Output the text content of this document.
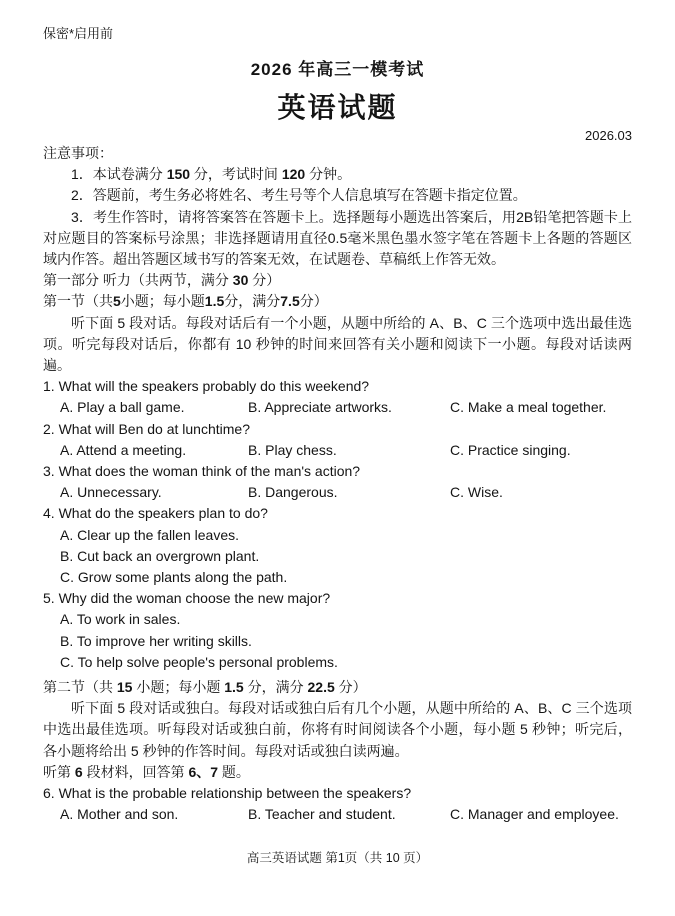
保密*启用前
2026 年高三一模考试
英语试题
2026.03
注意事项：
1．本试卷满分 150 分，考试时间 120 分钟。
2．答题前，考生务必将姓名、考生号等个人信息填写在答题卡指定位置。
3．考生作答时，请将答案答在答题卡上。选择题每小题选出答案后，用2B铅笔把答题卡上对应题目的答案标号涂黑；非选择题请用直径0.5毫米黑色墨水签字笔在答题卡上各题的答题区域内作答。超出答题区域书写的答案无效，在试题卷、草稿纸上作答无效。
第一部分 听力（共两节，满分 30 分）
第一节（共5小题；每小题1.5分，满分7.5分）
听下面 5 段对话。每段对话后有一个小题，从题中所给的 A、B、C 三个选项中选出最佳选项。听完每段对话后，你都有 10 秒钟的时间来回答有关小题和阅读下一小题。每段对话读两遍。
1. What will the speakers probably do this weekend?
A. Play a ball game.	B. Appreciate artworks.	C. Make a meal together.
2. What will Ben do at lunchtime?
A. Attend a meeting.	B. Play chess.	C. Practice singing.
3. What does the woman think of the man's action?
A. Unnecessary.	B. Dangerous.	C. Wise.
4. What do the speakers plan to do?
A. Clear up the fallen leaves.
B. Cut back an overgrown plant.
C. Grow some plants along the path.
5. Why did the woman choose the new major?
A. To work in sales.
B. To improve her writing skills.
C. To help solve people's personal problems.
第二节（共 15 小题；每小题 1.5 分，满分 22.5 分）
听下面 5 段对话或独白。每段对话或独白后有几个小题，从题中所给的 A、B、C 三个选项中选出最佳选项。听每段对话或独白前，你将有时间阅读各个小题，每小题 5 秒钟；听完后，各小题将给出 5 秒钟的作答时间。每段对话或独白读两遍。
听第 6 段材料，回答第 6、7 题。
6. What is the probable relationship between the speakers?
A. Mother and son.	B. Teacher and student.	C. Manager and employee.
高三英语试题 第1页（共 10 页）
